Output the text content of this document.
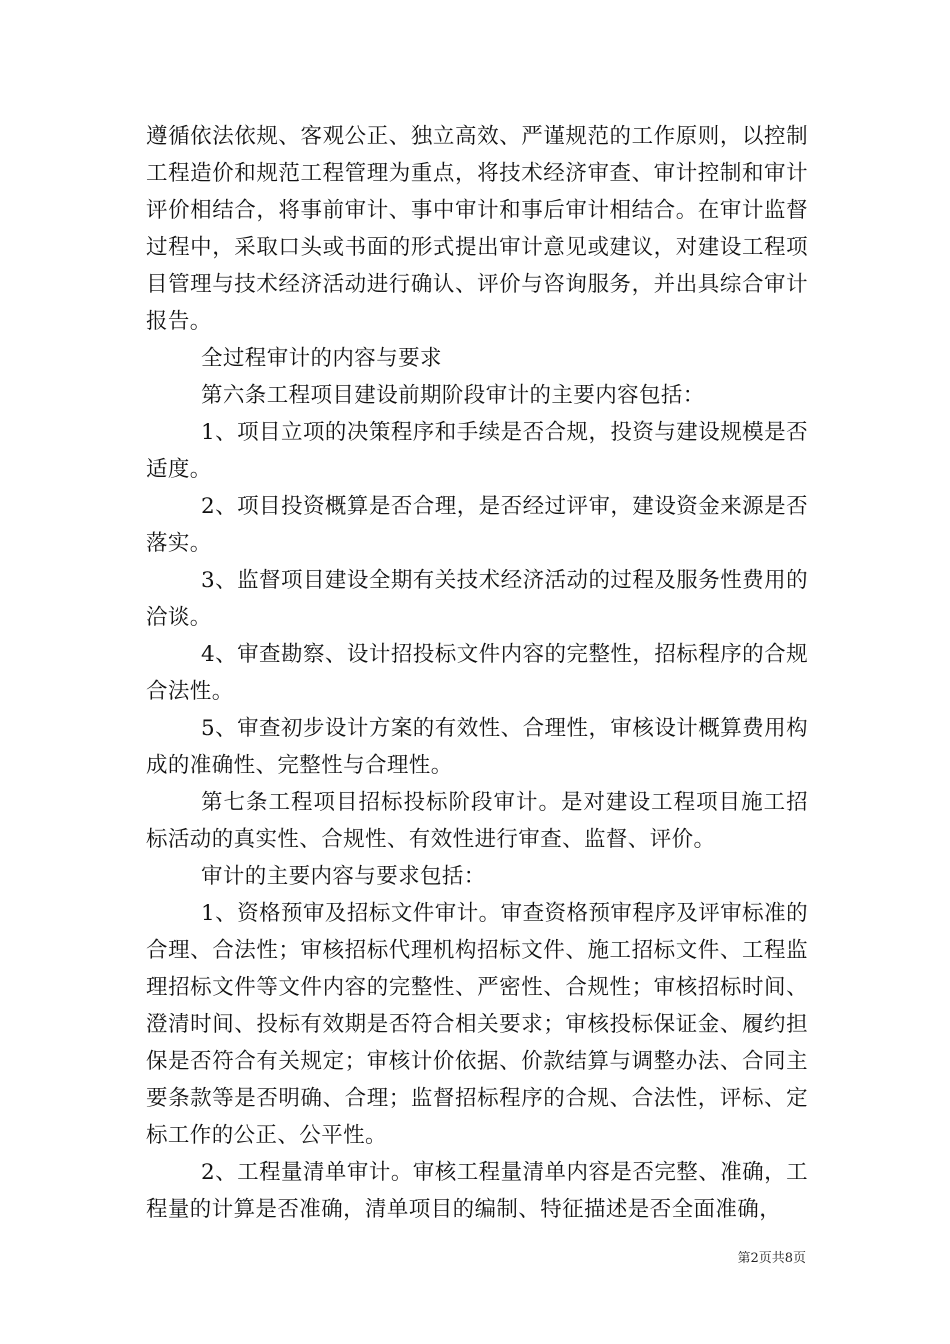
遵循依法依规、客观公正、独立高效、严谨规范的工作原则，以控制工程造价和规范工程管理为重点，将技术经济审查、审计控制和审计评价相结合，将事前审计、事中审计和事后审计相结合。在审计监督过程中，采取口头或书面的形式提出审计意见或建议，对建设工程项目管理与技术经济活动进行确认、评价与咨询服务，并出具综合审计报告。

全过程审计的内容与要求

第六条工程项目建设前期阶段审计的主要内容包括：

1、项目立项的决策程序和手续是否合规，投资与建设规模是否适度。

2、项目投资概算是否合理，是否经过评审，建设资金来源是否落实。

3、监督项目建设全期有关技术经济活动的过程及服务性费用的洽谈。

4、审查勘察、设计招投标文件内容的完整性，招标程序的合规合法性。

5、审查初步设计方案的有效性、合理性，审核设计概算费用构成的准确性、完整性与合理性。

第七条工程项目招标投标阶段审计。是对建设工程项目施工招标活动的真实性、合规性、有效性进行审查、监督、评价。

审计的主要内容与要求包括：

1、资格预审及招标文件审计。审查资格预审程序及评审标准的合理、合法性；审核招标代理机构招标文件、施工招标文件、工程监理招标文件等文件内容的完整性、严密性、合规性；审核招标时间、澄清时间、投标有效期是否符合相关要求；审核投标保证金、履约担保是否符合有关规定；审核计价依据、价款结算与调整办法、合同主要条款等是否明确、合理；监督招标程序的合规、合法性，评标、定标工作的公正、公平性。

2、工程量清单审计。审核工程量清单内容是否完整、准确，工程量的计算是否准确，清单项目的编制、特征描述是否全面准确，

第2页共8页
